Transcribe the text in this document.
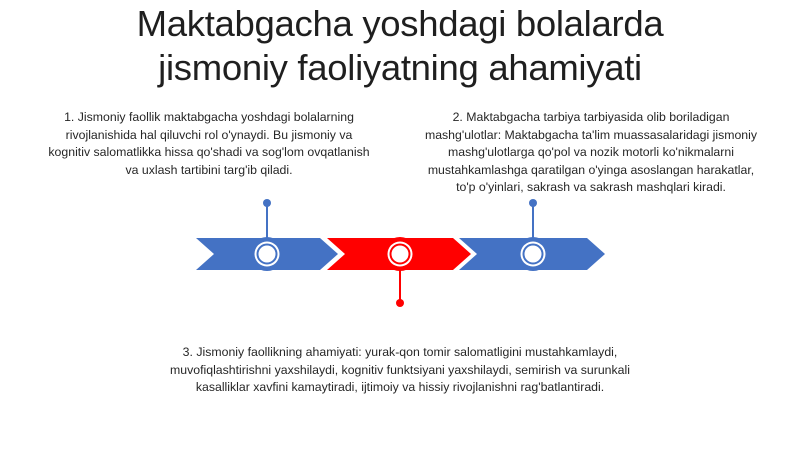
Maktabgacha yoshdagi bolalarda
jismoniy faoliyatning ahamiyati

1. Jismoniy faollik maktabgacha yoshdagi bolalarning rivojlanishida hal qiluvchi rol o'ynaydi. Bu jismoniy va kognitiv salomatlikka hissa qo'shadi va sog'lom ovqatlanish va uxlash tartibini targ'ib qiladi.

2. Maktabgacha tarbiya tarbiyasida olib boriladigan mashg'ulotlar: Maktabgacha ta'lim muassasalaridagi jismoniy mashg'ulotlarga qo'pol va nozik motorli ko'nikmalarni mustahkamlashga qaratilgan o'yinga asoslangan harakatlar, to'p o'yinlari, sakrash va sakrash mashqlari kiradi.

3. Jismoniy faollikning ahamiyati: yurak-qon tomir salomatligini mustahkamlaydi, muvofiqlashtirishni yaxshilaydi, kognitiv funktsiyani yaxshilaydi, semirish va surunkali kasalliklar xavfini kamaytiradi, ijtimoiy va hissiy rivojlanishni rag'batlantiradi.
